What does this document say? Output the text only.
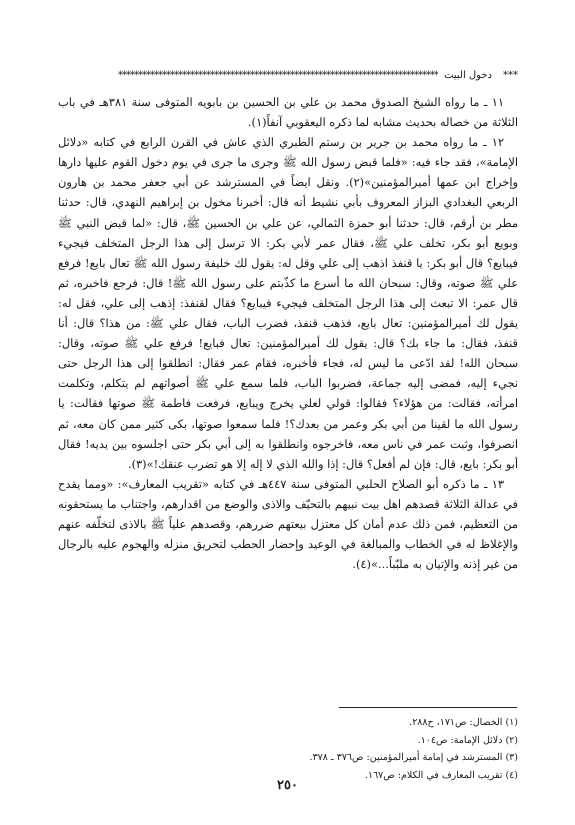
***
دخول البيت
********************************************************************************

١١ ـ ما رواه الشيخ الصدوق محمد بن علي بن الحسين بن بابويه المتوفى سنة ٣٨١هـ في باب الثلاثة من خصاله بحديث مشابه لما ذكره اليعقوبي آنفاً(١).

١٢ ـ ما رواه محمد بن جرير بن رستم الطبري الذي عاش في القرن الرابع في كتابه «دلائل الإمامة»، فقد جاء فيه: «فلما قبض رسول الله ﷺ وجرى ما جرى في يوم دخول القوم عليها دارها وإخراج ابن عمها أميرالمؤمنين»(٢). ونقل ايضاً في المسترشد عن أبي جعفر محمد بن هارون الربعي البغدادي البزاز المعروف بأبي نشيط أنه قال: أخبرنا مخول بن إبراهيم النهدي، قال: حدثنا مطر بن أرقم، قال: حدثنا أبو حمزة الثمالي، عن علي بن الحسين ﷺ، قال: «لما قبض النبي ﷺ وبويع أبو بكر، تخلف علي ﷺ، فقال عمر لأبي بكر: الا ترسل إلى هذا الرجل المتخلف فيجيء فيبايع؟ قال أبو بكر: يا قنفذ اذهب إلى علي وقل له: يقول لك خليفة رسول الله ﷺ تعال بايع! فرفع علي ﷺ صوته، وقال: سبحان الله ما أسرع ما كذّبتم على رسول الله ﷺ! قال: فرجع فاخبره، ثم قال عمر: الا تبعث إلى هذا الرجل المتخلف فيجيء فيبايع؟ فقال لقنفذ: إذهب إلى علي، فقل له: يقول لك أميرالمؤمنين: تعال بايع، فذهب قنفذ، فضرب الباب، فقال علي ﷺ: من هذا؟ قال: أنا قنفذ، فقال: ما جاء بك؟ قال: يقول لك أميرالمؤمنين: تعال فبايع! فرفع علي ﷺ صوته، وقال: سبحان الله! لقد ادّعى ما ليس له، فجاء فأخبره، فقام عمر فقال: انطلقوا إلى هذا الرجل حتى نجيء إليه، فمضى إليه جماعة، فضربوا الباب، فلما سمع علي ﷺ أصواتهم لم يتكلم، وتكلمت امرأته، فقالت: من هؤلاء؟ فقالوا: قولي لعلي يخرج ويبايع، فرفعت فاطمة ﷺ صوتها فقالت: يا رسول الله ما لقينا من أبي بكر وعمر من بعدك؟! فلما سمعوا صوتها، بكى كثير ممن كان معه، ثم انصرفوا، وثبت عمر في ناس معه، فاخرجوه وانطلقوا به إلى أبي بكر حتى اجلسوه بين يديه! فقال أبو بكر: بايع، قال: فإن لم أفعل؟ قال: إذا والله الذي لا إله إلا هو تضرب عنقك!»(٣).

١٣ ـ ما ذكره أبو الصلاح الحلبي المتوفى سنة ٤٤٧هـ في كتابه «تقريب المعارف»: «ومما يقدح في عدالة الثلاثة قصدهم اهل بيت نبيهم بالتحيّف والاذى والوضع من اقدارهم، واجتناب ما يستحقونه من التعظيم، فمن ذلك عدم أمان كل معتزل بيعتهم ضررهم، وقصدهم علياً ﷺ بالاذى لتخلّفه عنهم والإغلاظ له في الخطاب والمبالغة في الوعيد وإحضار الحطب لتحريق منزله والهجوم عليه بالرجال من غير إذنه والإتيان به ملبّباً...»(٤).

(١) الخصال: ص١٧١، ح٢٨٨.
(٢) دلائل الإمامة: ص١٠٤.
(٣) المسترشد في إمامة أميرالمؤمنين: ص٣٧٦ ـ ٣٧٨.
(٤) تقريب المعارف في الكلام: ص١٦٧.
٢٥٠
